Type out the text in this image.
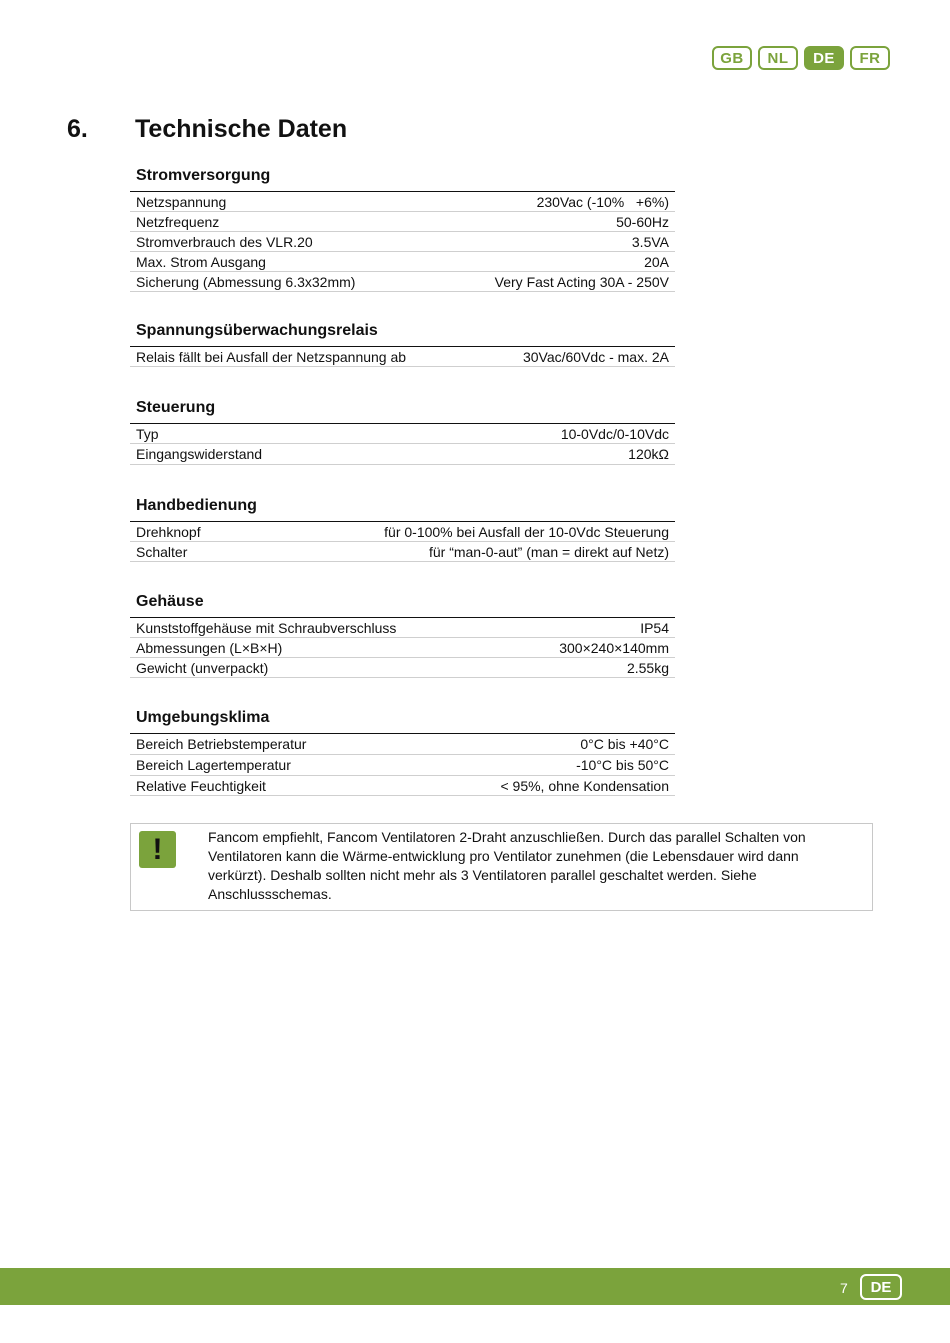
GB	NL	DE	FR
6.	Technische Daten
Stromversorgung
Netzspannung	230Vac (-10%   +6%)
Netzfrequenz	50-60Hz
Stromverbrauch des VLR.20	3.5VA
Max. Strom Ausgang	20A
Sicherung (Abmessung 6.3x32mm)	Very Fast Acting 30A - 250V
Spannungsüberwachungsrelais
Relais fällt bei Ausfall der Netzspannung ab	30Vac/60Vdc - max. 2A
Steuerung
Typ	10-0Vdc/0-10Vdc
Eingangswiderstand	120kΩ
Handbedienung
Drehknopf	für 0-100% bei Ausfall der 10-0Vdc Steuerung
Schalter	für “man-0-aut” (man = direkt auf Netz)
Gehäuse
Kunststoffgehäuse mit Schraubverschluss	IP54
Abmessungen (L×B×H)	300×240×140mm
Gewicht (unverpackt)	2.55kg
Umgebungsklima
Bereich Betriebstemperatur	0°C bis +40°C
Bereich Lagertemperatur	-10°C bis 50°C
Relative Feuchtigkeit	< 95%, ohne Kondensation
!	Fancom empfiehlt, Fancom Ventilatoren 2-Draht anzuschließen. Durch das parallel Schalten von Ventilatoren kann die Wärme-entwicklung pro Ventilator zunehmen (die Lebensdauer wird dann verkürzt). Deshalb sollten nicht mehr als 3 Ventilatoren parallel geschaltet werden. Siehe Anschlussschemas.
7	DE
